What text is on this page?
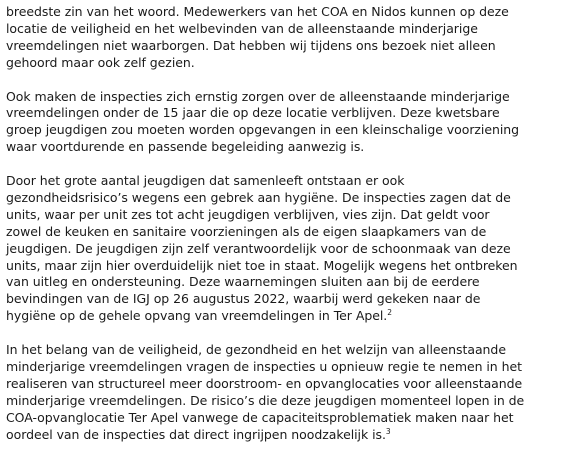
breedste zin van het woord. Medewerkers van het COA en Nidos kunnen op deze
locatie de veiligheid en het welbevinden van de alleenstaande minderjarige
vreemdelingen niet waarborgen. Dat hebben wij tijdens ons bezoek niet alleen
gehoord maar ook zelf gezien.

Ook maken de inspecties zich ernstig zorgen over de alleenstaande minderjarige
vreemdelingen onder de 15 jaar die op deze locatie verblijven. Deze kwetsbare
groep jeugdigen zou moeten worden opgevangen in een kleinschalige voorziening
waar voortdurende en passende begeleiding aanwezig is.

Door het grote aantal jeugdigen dat samenleeft ontstaan er ook
gezondheidsrisico’s wegens een gebrek aan hygiëne. De inspecties zagen dat de
units, waar per unit zes tot acht jeugdigen verblijven, vies zijn. Dat geldt voor
zowel de keuken en sanitaire voorzieningen als de eigen slaapkamers van de
jeugdigen. De jeugdigen zijn zelf verantwoordelijk voor de schoonmaak van deze
units, maar zijn hier overduidelijk niet toe in staat. Mogelijk wegens het ontbreken
van uitleg en ondersteuning. Deze waarnemingen sluiten aan bij de eerdere
bevindingen van de IGJ op 26 augustus 2022, waarbij werd gekeken naar de
hygiëne op de gehele opvang van vreemdelingen in Ter Apel.$^2$

In het belang van de veiligheid, de gezondheid en het welzijn van alleenstaande
minderjarige vreemdelingen vragen de inspecties u opnieuw regie te nemen in het
realiseren van structureel meer doorstroom- en opvanglocaties voor alleenstaande
minderjarige vreemdelingen. De risico’s die deze jeugdigen momenteel lopen in de
COA-opvanglocatie Ter Apel vanwege de capaciteitsproblematiek maken naar het
oordeel van de inspecties dat direct ingrijpen noodzakelijk is.$^3$
